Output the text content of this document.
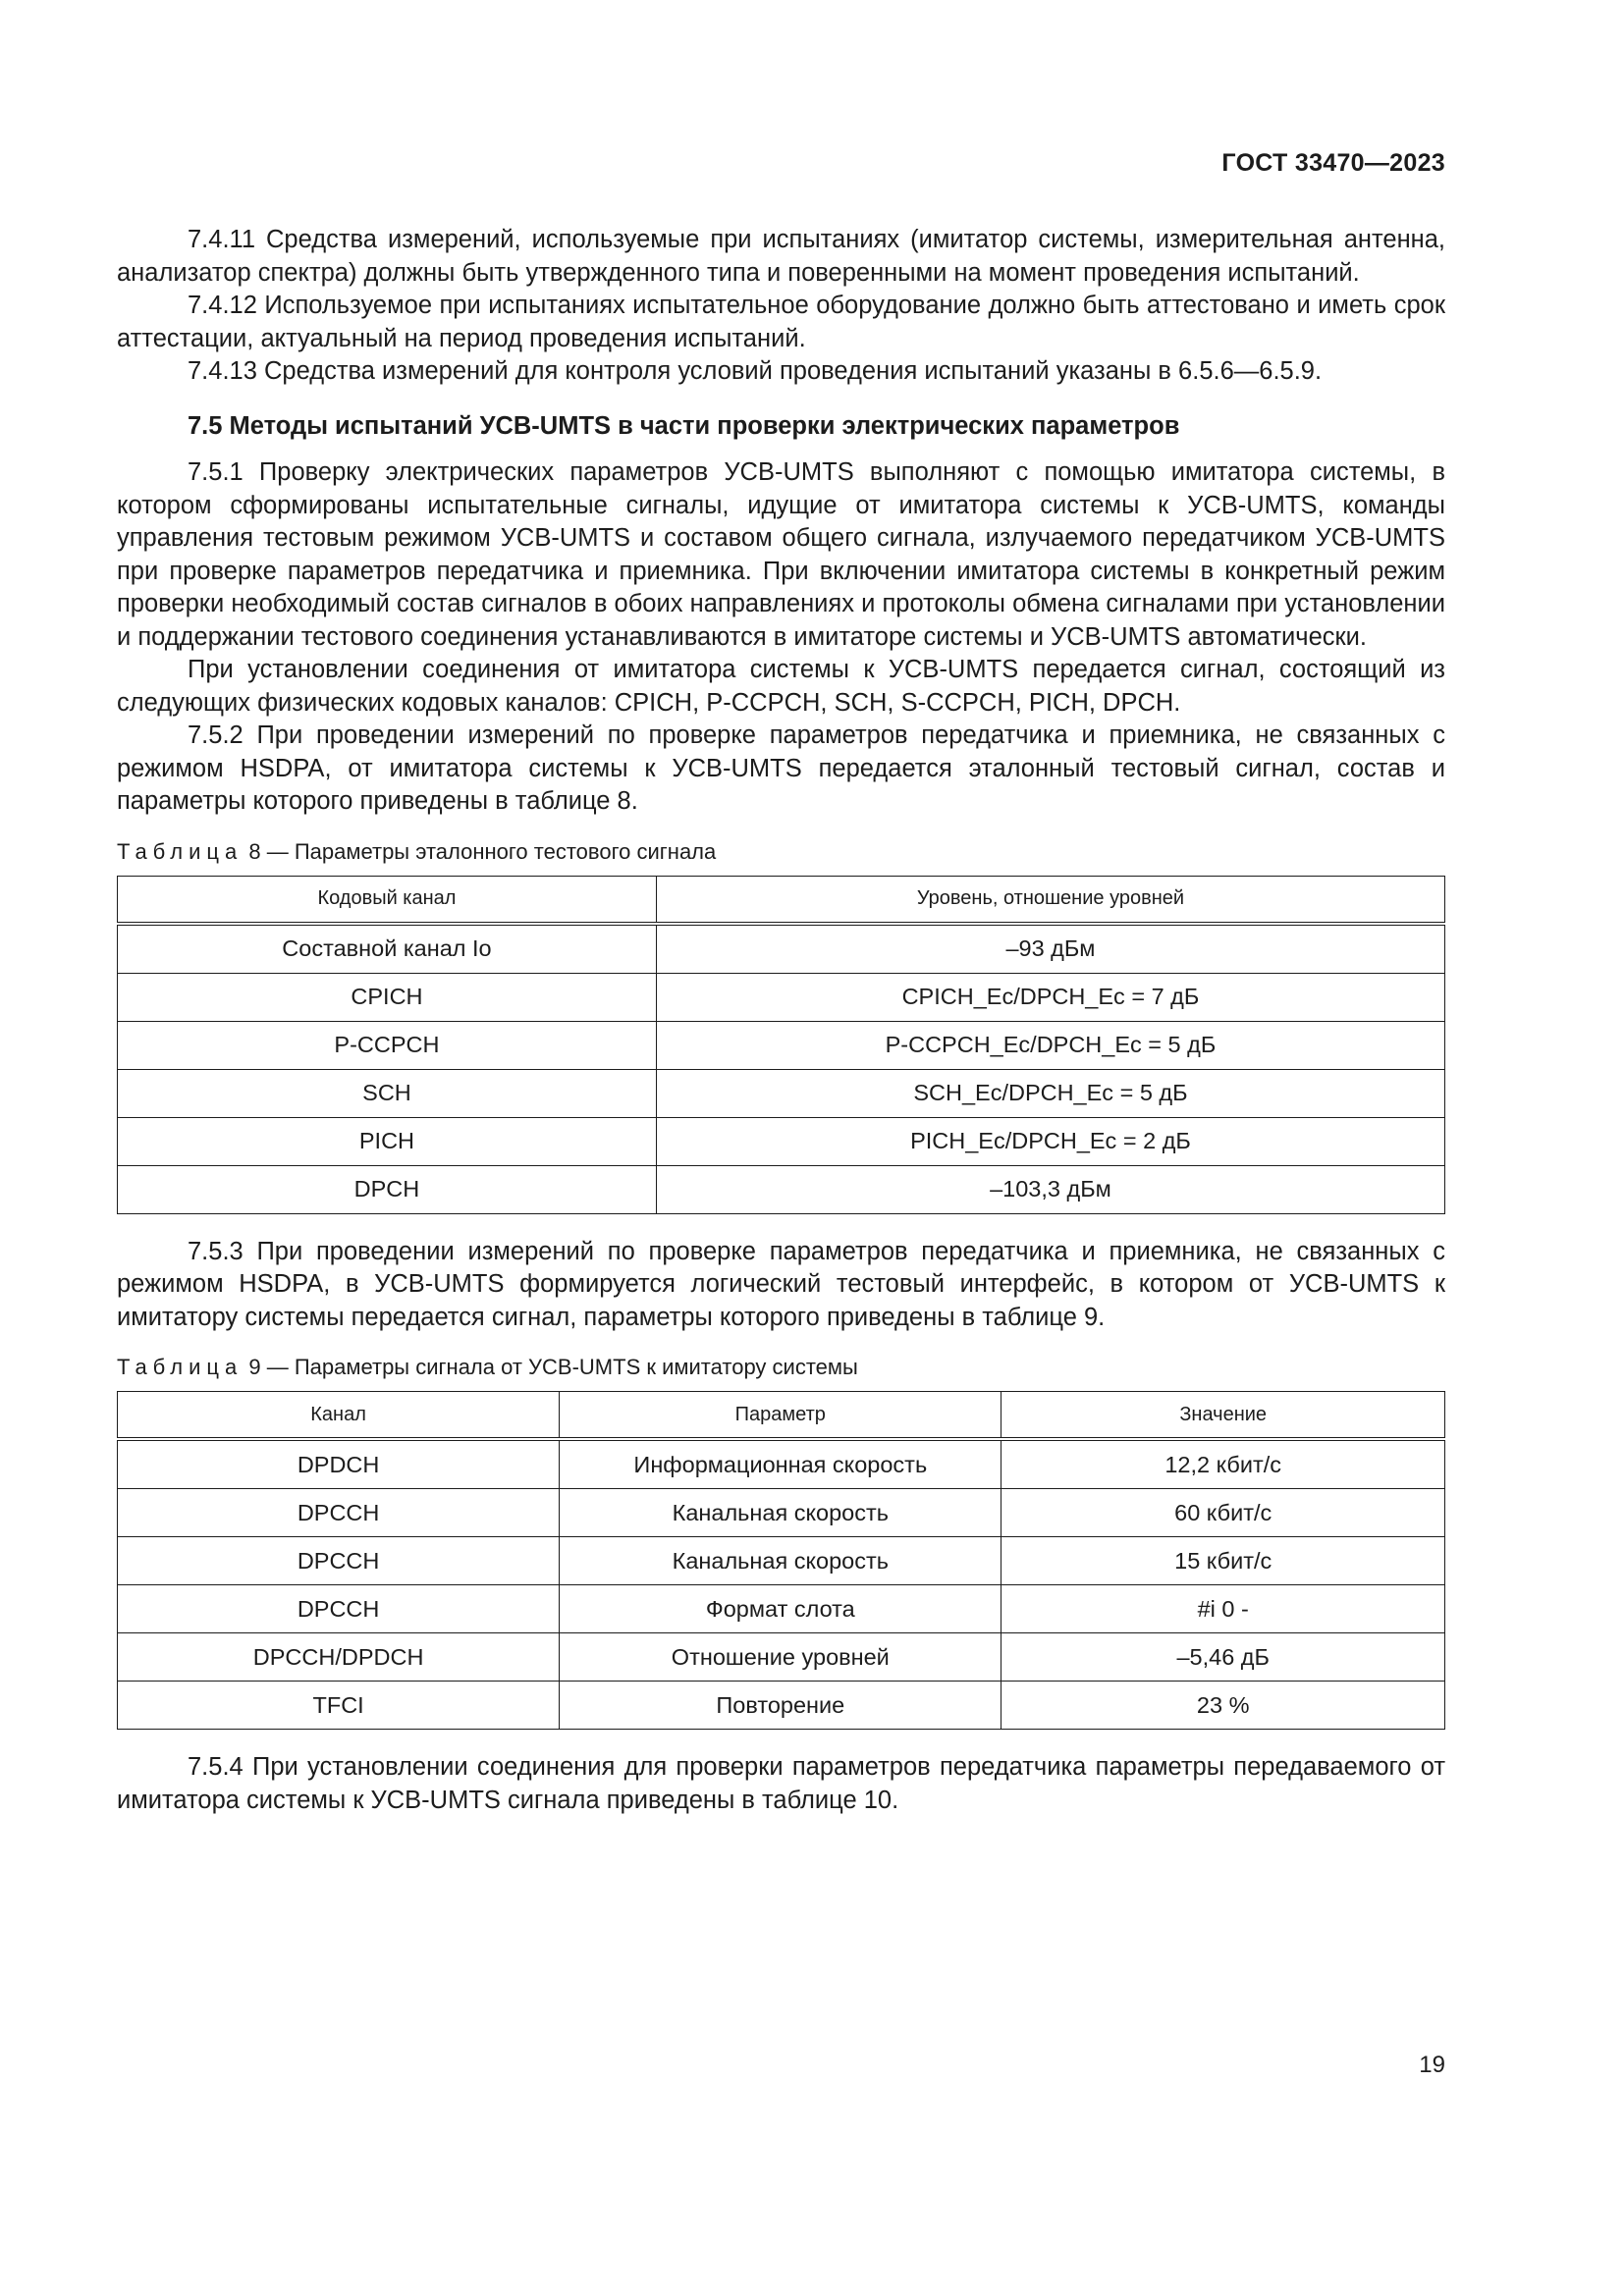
ГОСТ 33470—2023

7.4.11 Средства измерений, используемые при испытаниях (имитатор системы, измерительная антенна, анализатор спектра) должны быть утвержденного типа и поверенными на момент проведения испытаний.

7.4.12 Используемое при испытаниях испытательное оборудование должно быть аттестовано и иметь срок аттестации, актуальный на период проведения испытаний.

7.4.13 Средства измерений для контроля условий проведения испытаний указаны в 6.5.6—6.5.9.

7.5 Методы испытаний УСВ-UMTS в части проверки электрических параметров

7.5.1 Проверку электрических параметров УСВ-UMTS выполняют с помощью имитатора системы, в котором сформированы испытательные сигналы, идущие от имитатора системы к УСВ-UMTS, команды управления тестовым режимом УСВ-UMTS и составом общего сигнала, излучаемого передатчиком УСВ-UMTS при проверке параметров передатчика и приемника. При включении имитатора системы в конкретный режим проверки необходимый состав сигналов в обоих направлениях и протоколы обмена сигналами при установлении и поддержании тестового соединения устанавливаются в имитаторе системы и УСВ-UMTS автоматически.

При установлении соединения от имитатора системы к УСВ-UMTS передается сигнал, состоящий из следующих физических кодовых каналов: CPICH, P-CCPCH, SCH, S-CCPCH, PICH, DPCH.

7.5.2 При проведении измерений по проверке параметров передатчика и приемника, не связанных с режимом HSDPA, от имитатора системы к УСВ-UMTS передается эталонный тестовый сигнал, состав и параметры которого приведены в таблице 8.

Таблица 8 — Параметры эталонного тестового сигнала
Кодовый канал	Уровень, отношение уровней
Составной канал Io	–93 дБм
CPICH	CPICH_Ec/DPCH_Ec = 7 дБ
P-CCPCH	P-CCPCH_Ec/DPCH_Ec = 5 дБ
SCH	SCH_Ec/DPCH_Ec = 5 дБ
PICH	PICH_Ec/DPCH_Ec = 2 дБ
DPCH	–103,3 дБм

7.5.3 При проведении измерений по проверке параметров передатчика и приемника, не связанных с режимом HSDPA, в УСВ-UMTS формируется логический тестовый интерфейс, в котором от УСВ-UMTS к имитатору системы передается сигнал, параметры которого приведены в таблице 9.

Таблица 9 — Параметры сигнала от УСВ-UMTS к имитатору системы
Канал	Параметр	Значение
DPDCH	Информационная скорость	12,2 кбит/с
DPCCH	Канальная скорость	60 кбит/с
DPCCH	Канальная скорость	15 кбит/с
DPCCH	Формат слота	#i 0 -
DPCCH/DPDCH	Отношение уровней	–5,46 дБ
TFCI	Повторение	23 %

7.5.4 При установлении соединения для проверки параметров передатчика параметры передаваемого от имитатора системы к УСВ-UMTS сигнала приведены в таблице 10.

19
